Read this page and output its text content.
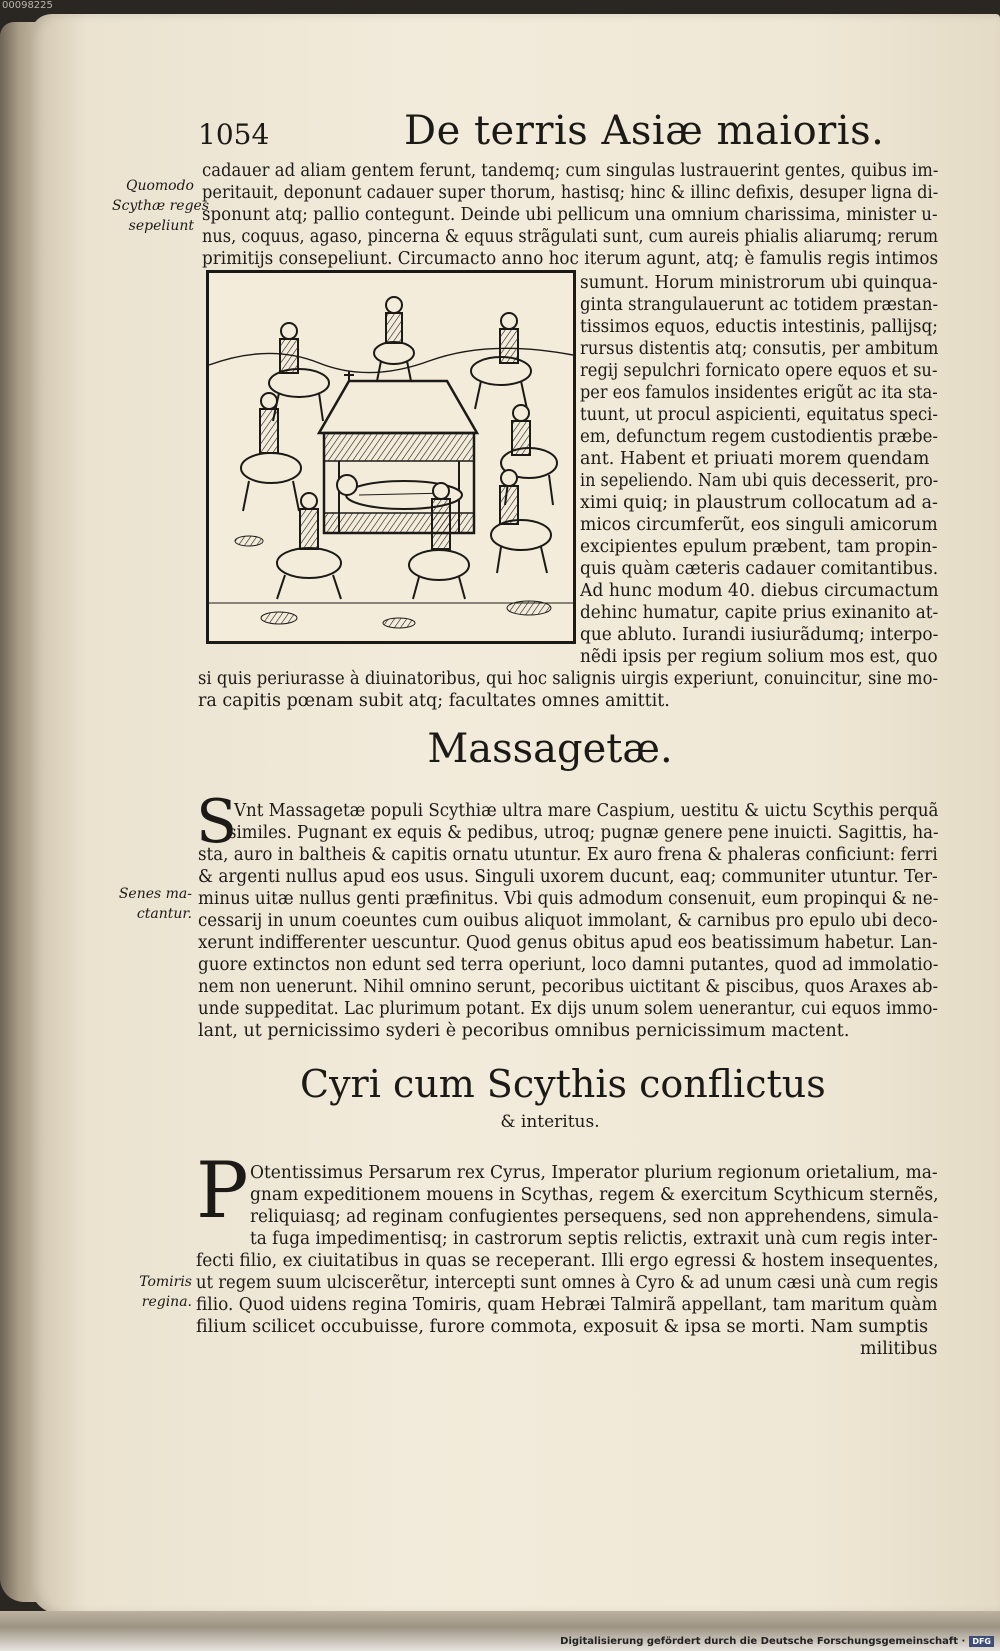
00098225
1054	De terris Asiæ maioris.
Quomodo
Scythæ reges
sepeliunt
cadauer ad aliam gentem ferunt, tandemq; cum singulas lustrauerint gentes, quibus im-
peritauit, deponunt cadauer super thorum, hastisq; hinc & illinc defixis, desuper ligna di-
sponunt atq; pallio contegunt. Deinde ubi pellicum una omnium charissima, minister u-
nus, coquus, agaso, pincerna & equus strãgulati sunt, cum aureis phialis aliarumq; rerum
primitijs consepeliunt. Circumacto anno hoc iterum agunt, atq; è famulis regis intimos
sumunt. Horum ministrorum ubi quinqua-
ginta strangulauerunt ac totidem præstan-
tissimos equos, eductis intestinis, pallijsq;
rursus distentis atq; consutis, per ambitum
regij sepulchri fornicato opere equos et su-
per eos famulos insidentes erigũt ac ita sta-
tuunt, ut procul aspicienti, equitatus speci-
em, defunctum regem custodientis præbe-
ant. Habent et priuati morem quendam
in sepeliendo. Nam ubi quis decesserit, pro-
ximi quiq; in plaustrum collocatum ad a-
micos circumferũt, eos singuli amicorum
excipientes epulum præbent, tam propin-
quis quàm cæteris cadauer comitantibus.
Ad hunc modum 40. diebus circumactum
dehinc humatur, capite prius exinanito at-
que abluto. Iurandi iusiurãdumq; interpo-
nẽdi ipsis per regium solium mos est, quo
si quis periurasse à diuinatoribus, qui hoc salignis uirgis experiunt, conuincitur, sine mo-
ra capitis pœnam subit atq; facultates omnes amittit.
Massagetæ.
S
Senes ma-
ctantur.
Vnt Massagetæ populi Scythiæ ultra mare Caspium, uestitu & uictu Scythis perquã
similes. Pugnant ex equis & pedibus, utroq; pugnæ genere pene inuicti. Sagittis, ha-
sta, auro in baltheis & capitis ornatu utuntur. Ex auro frena & phaleras conficiunt: ferri
& argenti nullus apud eos usus. Singuli uxorem ducunt, eaq; communiter utuntur. Ter-
minus uitæ nullus genti præfinitus. Vbi quis admodum consenuit, eum propinqui & ne-
cessarij in unum coeuntes cum ouibus aliquot immolant, & carnibus pro epulo ubi deco-
xerunt indifferenter uescuntur. Quod genus obitus apud eos beatissimum habetur. Lan-
guore extinctos non edunt sed terra operiunt, loco damni putantes, quod ad immolatio-
nem non uenerunt. Nihil omnino serunt, pecoribus uictitant & piscibus, quos Araxes ab-
unde suppeditat. Lac plurimum potant. Ex dijs unum solem uenerantur, cui equos immo-
lant, ut pernicissimo syderi è pecoribus omnibus pernicissimum mactent.
Cyri cum Scythis conflictus
& interitus.
P
Tomiris
regina.
Otentissimus Persarum rex Cyrus, Imperator plurium regionum orietalium, ma-
gnam expeditionem mouens in Scythas, regem & exercitum Scythicum sternẽs,
reliquiasq; ad reginam confugientes persequens, sed non apprehendens, simula-
ta fuga impedimentisq; in castrorum septis relictis, extraxit unà cum regis inter-
fecti filio, ex ciuitatibus in quas se receperant. Illi ergo egressi & hostem insequentes,
ut regem suum ulciscerẽtur, intercepti sunt omnes à Cyro & ad unum cæsi unà cum regis
filio. Quod uidens regina Tomiris, quam Hebræi Talmirã appellant, tam maritum quàm
filium scilicet occubuisse, furore commota, exposuit & ipsa se morti. Nam sumptis
militibus
Digitalisierung gefördert durch die Deutsche Forschungsgemeinschaft · DFG
